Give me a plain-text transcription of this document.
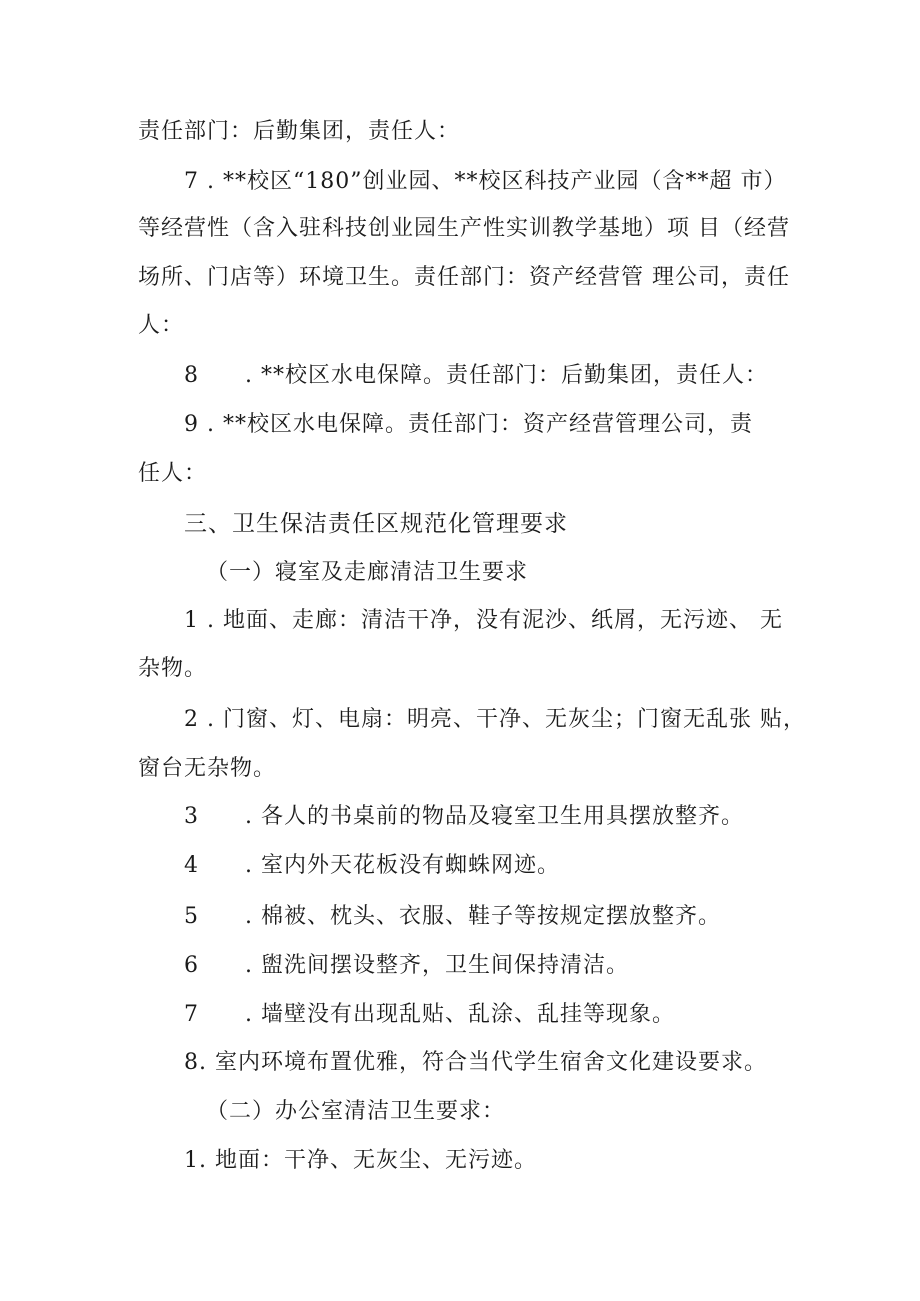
责任部门：后勤集团，责任人：
7 . **校区“180”创业园、**校区科技产业园（含**超 市）
等经营性（含入驻科技创业园生产性实训教学基地）项 目（经营
场所、门店等）环境卫生。责任部门：资产经营管 理公司，责任
人：
8　　. **校区水电保障。责任部门：后勤集团，责任人：
9 . **校区水电保障。责任部门：资产经营管理公司，责
任人：
三、卫生保洁责任区规范化管理要求
（一）寝室及走廊清洁卫生要求
1 . 地面、走廊：清洁干净，没有泥沙、纸屑，无污迹、 无
杂物。
2 . 门窗、灯、电扇：明亮、干净、无灰尘；门窗无乱张 贴，
窗台无杂物。
3　　. 各人的书桌前的物品及寝室卫生用具摆放整齐。
4　　. 室内外天花板没有蜘蛛网迹。
5　　. 棉被、枕头、衣服、鞋子等按规定摆放整齐。
6　　. 盥洗间摆设整齐，卫生间保持清洁。
7　　. 墙壁没有出现乱贴、乱涂、乱挂等现象。
8. 室内环境布置优雅，符合当代学生宿舍文化建设要求。
（二）办公室清洁卫生要求：
1. 地面：干净、无灰尘、无污迹。
